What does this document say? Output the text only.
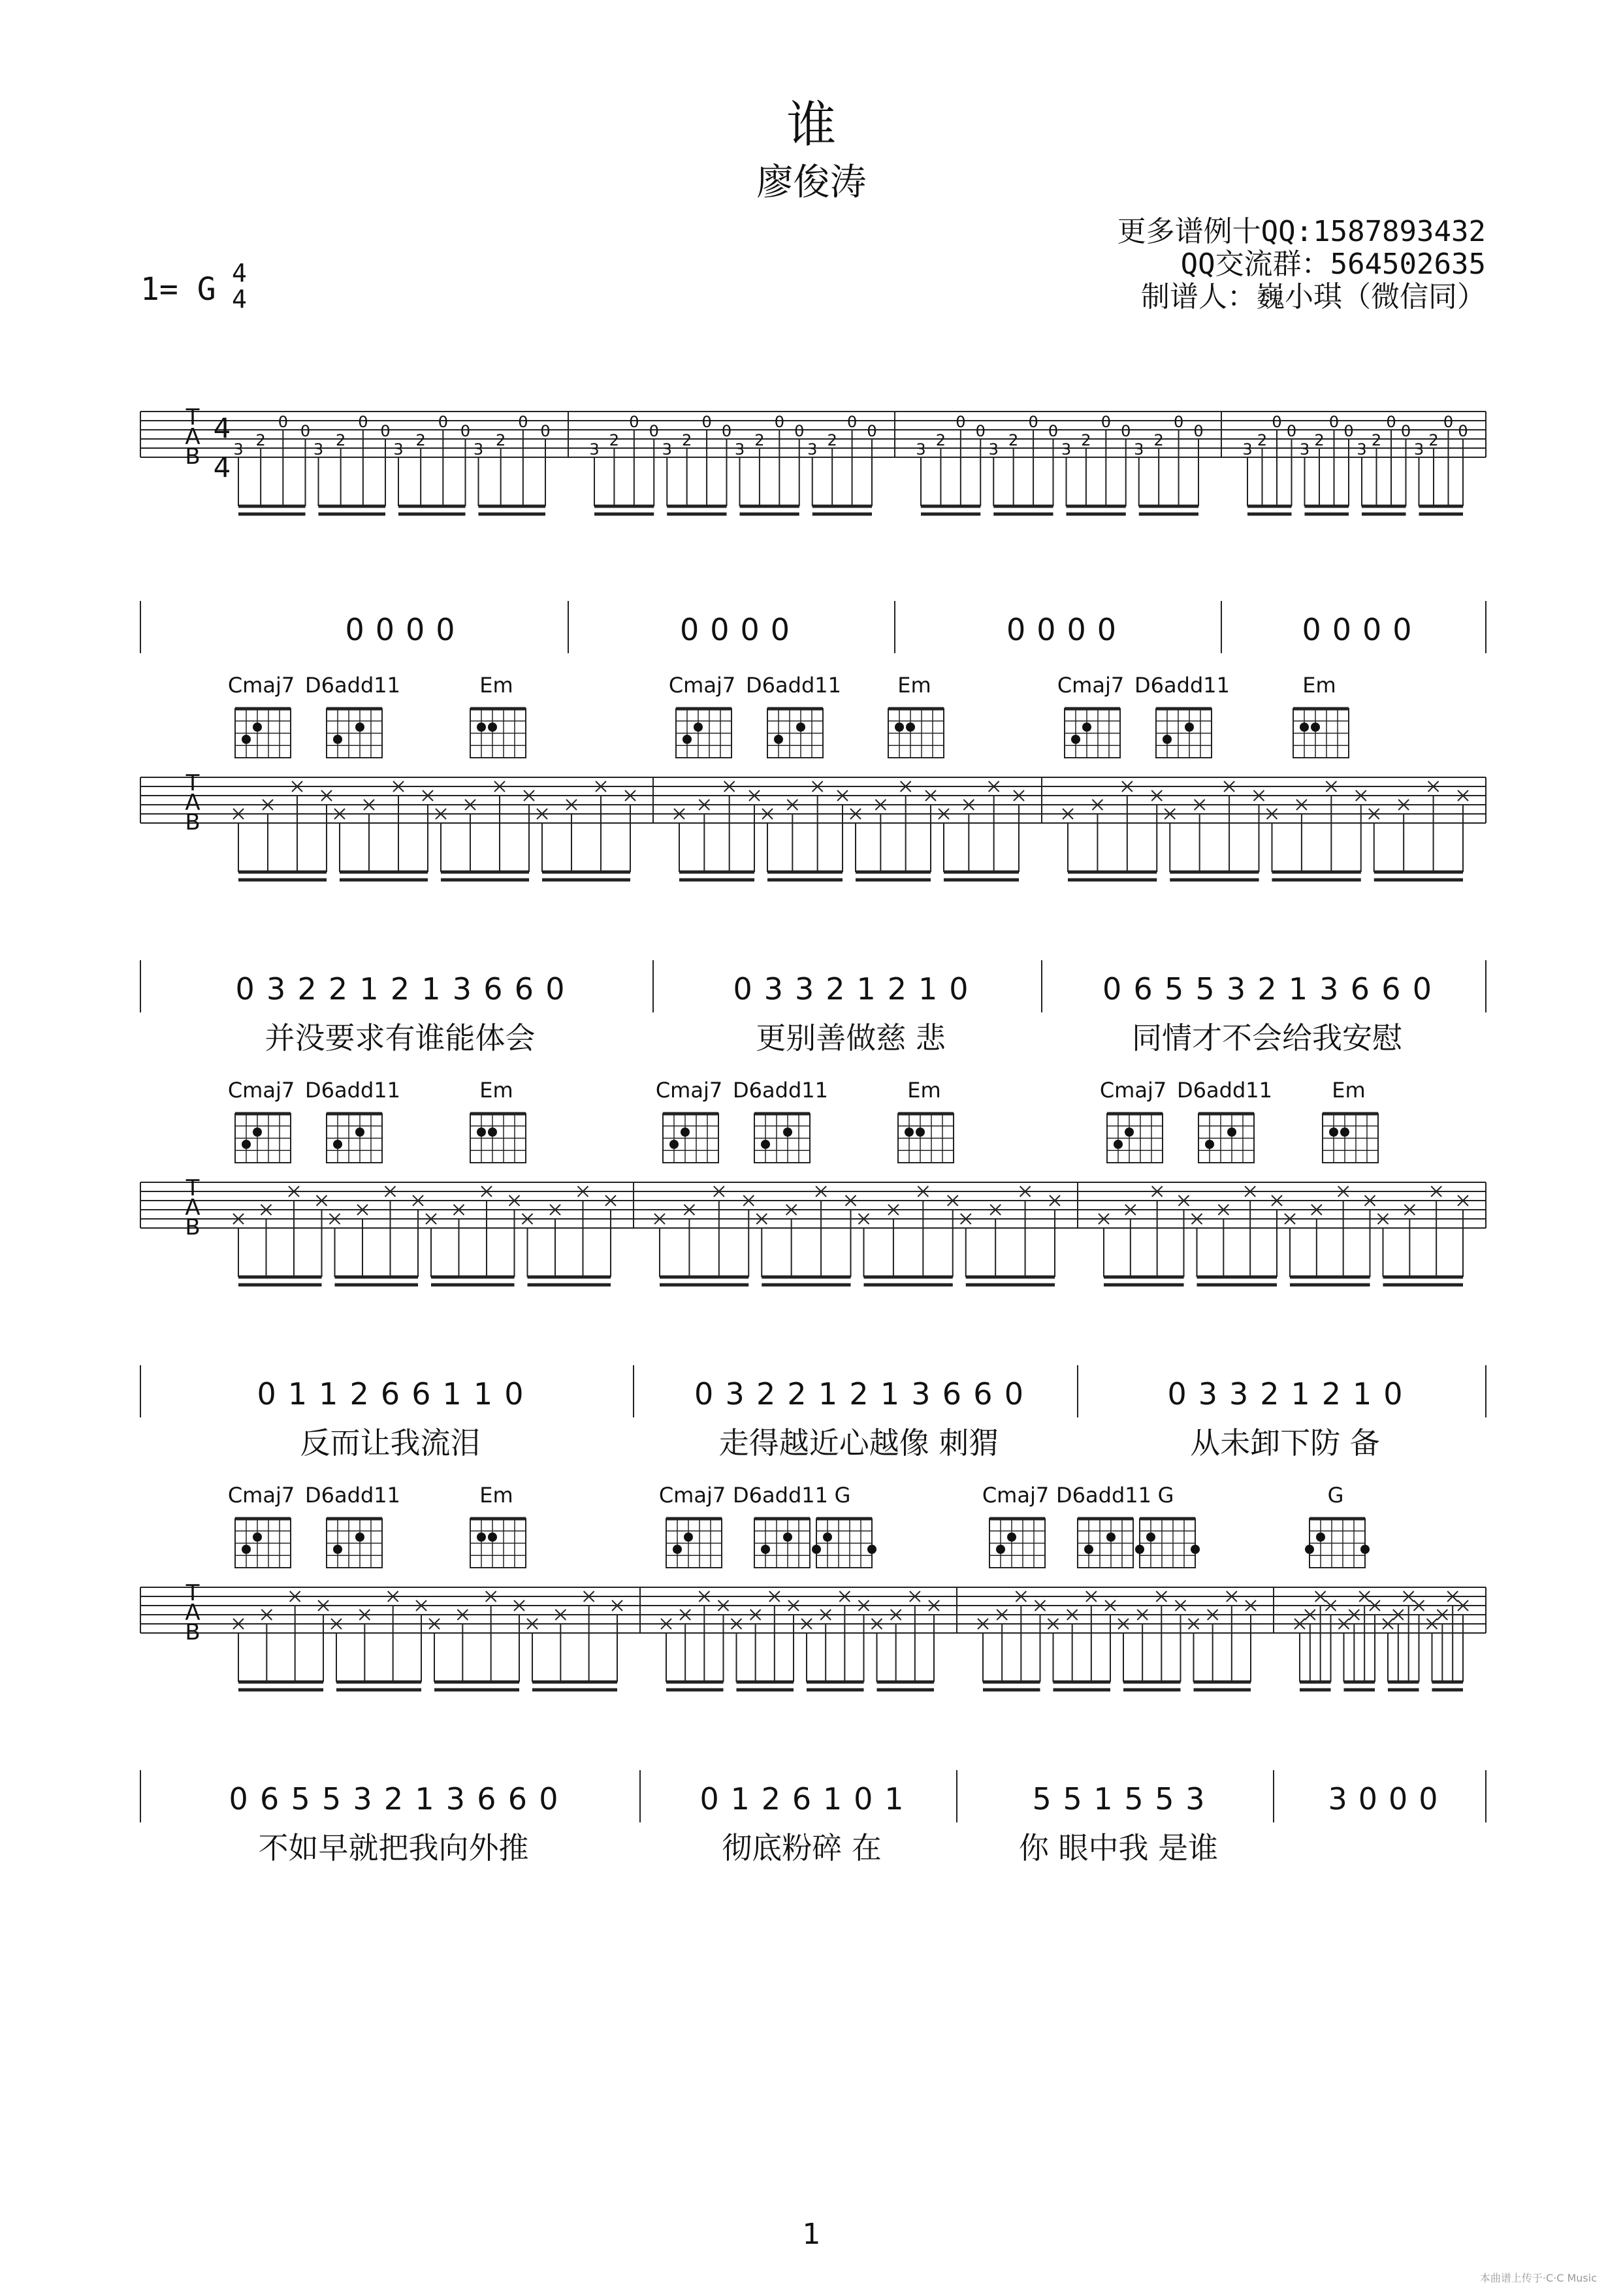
谁
廖俊涛
更多谱例十QQ:1587893432
QQ交流群：564502635
制谱人：巍小琪（微信同）
1= G 4
4
T
A
B 3 2
0 0
3 2
0 0
3 2
0 0
3 2
0 0
3 2
0 0
3 2
0 0
3 2
0 0
3 2
0 0
3 2
0 0
3 2
0 0
3 2
0 0
3 2
0 0
3 2
0 0
3 2
0 0
3 2
0 0
3 2
0 0
4
4
0 0 0 0	0 0 0 0	0 0 0 0	0 0 0 0
T
A
B
Cmaj7 D6add11	Em	Cmaj7 D6add11	Em	Cmaj7 D6add11	Em
0 3 2 2 1 2 1 3 6 6 0
并没要求有谁能体会
0 3 3 2 1 2 1 0
更别善做慈 悲
0 6 5 5 3 2 1 3 6 6 0
同情才不会给我安慰
T
A
B
Cmaj7 D6add11	Em	Cmaj7 D6add11	Em	Cmaj7 D6add11	Em
0 1 1 2 6 6 1 1 0
反而让我流泪
0 3 2 2 1 2 1 3 6 6 0
走得越近心越像 刺猬
0 3 3 2 1 2 1 0
从未卸下防 备
T
A
B
Cmaj7 D6add11	Em	Cmaj7 D6add11 G	Cmaj7 D6add11 G	G
0 6 5 5 3 2 1 3 6 6 0
不如早就把我向外推
0 1 2 6 1 0 1
彻底粉碎 在
5 5 1 5 5 3
你 眼中我 是谁
3 0 0 0
1
本曲谱上传于·C·C Music
